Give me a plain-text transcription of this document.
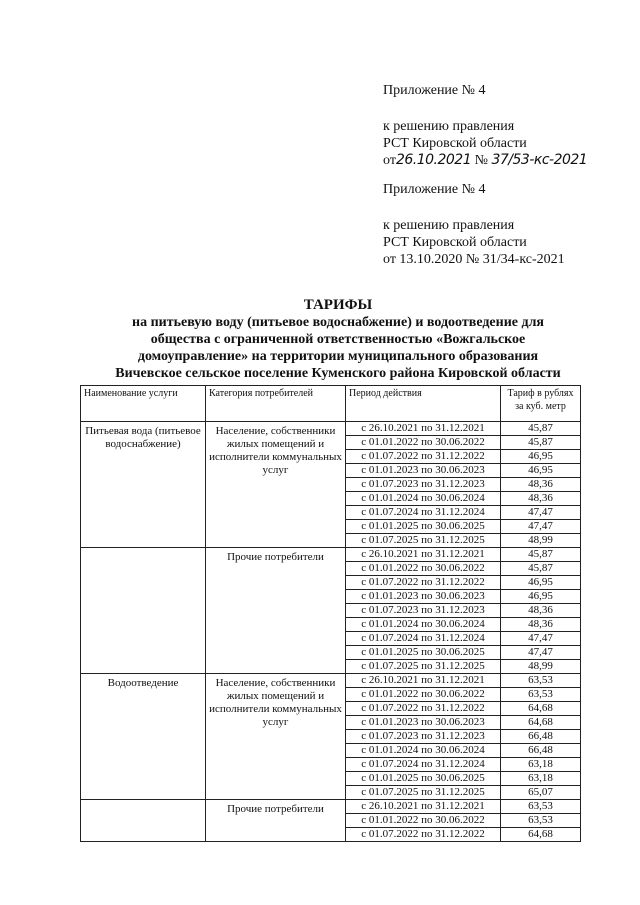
Приложение № 4

к решению правления

РСТ Кировской области

от26.10.2021 № 37/53-кс-2021

Приложение № 4

к решению правления

РСТ Кировской области

от 13.10.2020 № 31/34-кс-2021

ТАРИФЫ
на питьевую воду (питьевое водоснабжение) и водоотведение для
общества с ограниченной ответственностью «Вожгальское
домоуправление» на территории муниципального образования
Вичевское сельское поселение Куменского района Кировской области
Наименование услуги	Категория потребителей	Период действия	Тариф в рублях за куб. метр
Питьевая вода (питьевое водоснабжение)	Население, собственники жилых помещений и исполнители коммунальных услуг	с 26.10.2021 по 31.12.2021	45,87
		с 01.01.2022 по 30.06.2022	45,87
		с 01.07.2022 по 31.12.2022	46,95
		с 01.01.2023 по 30.06.2023	46,95
		с 01.07.2023 по 31.12.2023	48,36
		с 01.01.2024 по 30.06.2024	48,36
		с 01.07.2024 по 31.12.2024	47,47
		с 01.01.2025 по 30.06.2025	47,47
		с 01.07.2025 по 31.12.2025	48,99
	Прочие потребители	с 26.10.2021 по 31.12.2021	45,87
		с 01.01.2022 по 30.06.2022	45,87
		с 01.07.2022 по 31.12.2022	46,95
		с 01.01.2023 по 30.06.2023	46,95
		с 01.07.2023 по 31.12.2023	48,36
		с 01.01.2024 по 30.06.2024	48,36
		с 01.07.2024 по 31.12.2024	47,47
		с 01.01.2025 по 30.06.2025	47,47
		с 01.07.2025 по 31.12.2025	48,99
Водоотведение	Население, собственники жилых помещений и исполнители коммунальных услуг	с 26.10.2021 по 31.12.2021	63,53
		с 01.01.2022 по 30.06.2022	63,53
		с 01.07.2022 по 31.12.2022	64,68
		с 01.01.2023 по 30.06.2023	64,68
		с 01.07.2023 по 31.12.2023	66,48
		с 01.01.2024 по 30.06.2024	66,48
		с 01.07.2024 по 31.12.2024	63,18
		с 01.01.2025 по 30.06.2025	63,18
		с 01.07.2025 по 31.12.2025	65,07
	Прочие потребители	с 26.10.2021 по 31.12.2021	63,53
		с 01.01.2022 по 30.06.2022	63,53
		с 01.07.2022 по 31.12.2022	64,68
